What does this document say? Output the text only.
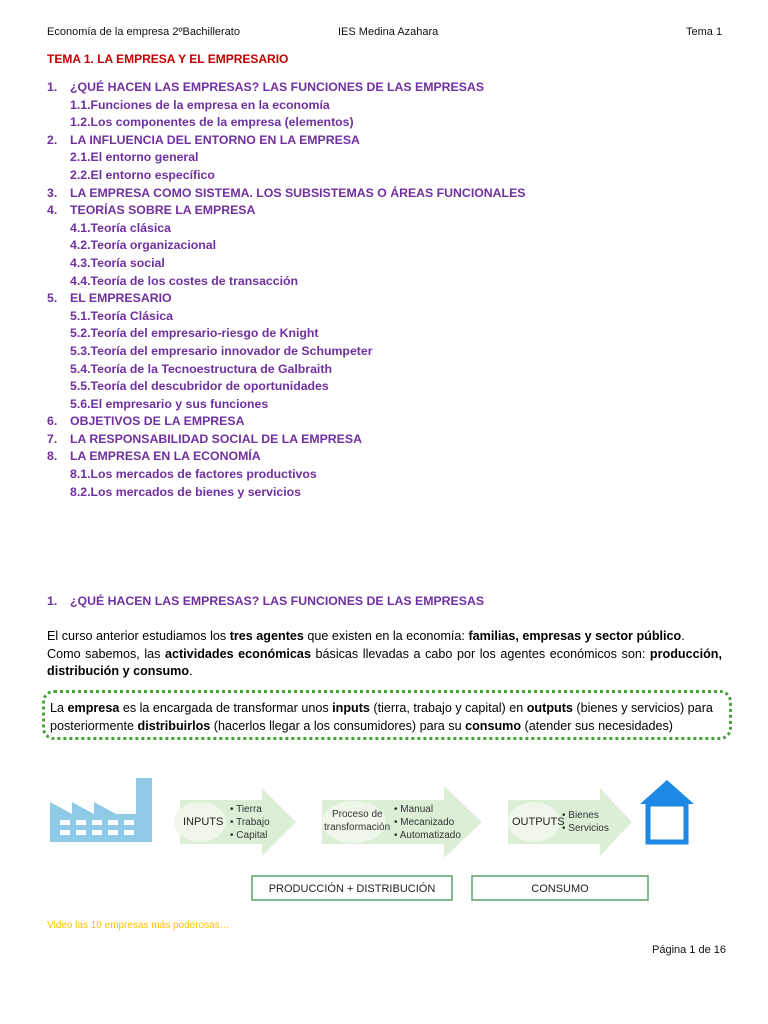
Economía de la empresa 2ºBachillerato	IES Medina Azahara	Tema 1
TEMA 1. LA EMPRESA Y EL EMPRESARIO
1. ¿QUÉ HACEN LAS EMPRESAS? LAS FUNCIONES DE LAS EMPRESAS
1.1.Funciones de la empresa en la economía
1.2.Los componentes de la empresa (elementos)
2. LA INFLUENCIA DEL ENTORNO EN LA EMPRESA
2.1.El entorno general
2.2.El entorno específico
3. LA EMPRESA COMO SISTEMA. LOS SUBSISTEMAS O ÁREAS FUNCIONALES
4. TEORÍAS SOBRE LA EMPRESA
4.1.Teoría clásica
4.2.Teoría organizacional
4.3.Teoría social
4.4.Teoría de los costes de transacción
5. EL EMPRESARIO
5.1.Teoría Clásica
5.2.Teoría del empresario-riesgo de Knight
5.3.Teoría del empresario innovador de Schumpeter
5.4.Teoría de la Tecnoestructura de Galbraith
5.5.Teoría del descubridor de oportunidades
5.6.El empresario y sus funciones
6. OBJETIVOS DE LA EMPRESA
7. LA RESPONSABILIDAD SOCIAL DE LA EMPRESA
8. LA EMPRESA EN LA ECONOMÍA
8.1.Los mercados de factores productivos
8.2.Los mercados de bienes y servicios
1. ¿QUÉ HACEN LAS EMPRESAS? LAS FUNCIONES DE LAS EMPRESAS
El curso anterior estudiamos los tres agentes que existen en la economía: familias, empresas y sector público.
Como sabemos, las actividades económicas básicas llevadas a cabo por los agentes económicos son: producción, distribución y consumo.
La empresa es la encargada de transformar unos inputs (tierra, trabajo y capital) en outputs (bienes y servicios) para posteriormente distribuirlos (hacerlos llegar a los consumidores) para su consumo (atender sus necesidades)
INPUTS
• Tierra
• Trabajo
• Capital
Proceso de
transformación
• Manual
• Mecanizado
• Automatizado
OUTPUTS
• Bienes
• Servicios
PRODUCCIÓN + DISTRIBUCIÓN	CONSUMO
Video las 10 empresas más poderosas…
Página 1 de 16
